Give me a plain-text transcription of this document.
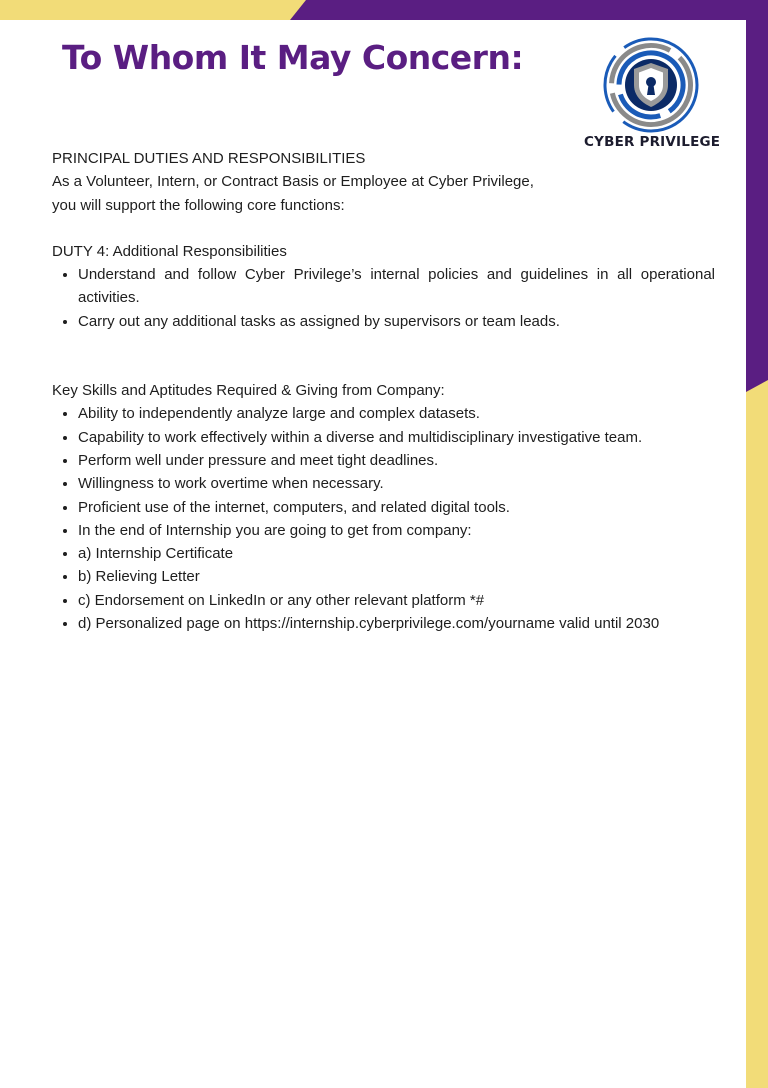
To Whom It May Concern:
CYBER PRIVILEGE

PRINCIPAL DUTIES AND RESPONSIBILITIES

As a Volunteer, Intern, or Contract Basis or Employee at Cyber Privilege,

you will support the following core functions:

DUTY 4: Additional Responsibilities

• Understand and follow Cyber Privilege’s internal policies and guidelines in all operational activities.
• Carry out any additional tasks as assigned by supervisors or team leads.

Key Skills and Aptitudes Required & Giving from Company:

• Ability to independently analyze large and complex datasets.
• Capability to work effectively within a diverse and multidisciplinary investigative team.
• Perform well under pressure and meet tight deadlines.
• Willingness to work overtime when necessary.
• Proficient use of the internet, computers, and related digital tools.
• In the end of Internship you are going to get from company:
• a) Internship Certificate
• b) Relieving Letter
• c) Endorsement on LinkedIn or any other relevant platform *#
• d) Personalized page on https://internship.cyberprivilege.com/yourname valid until 2030
